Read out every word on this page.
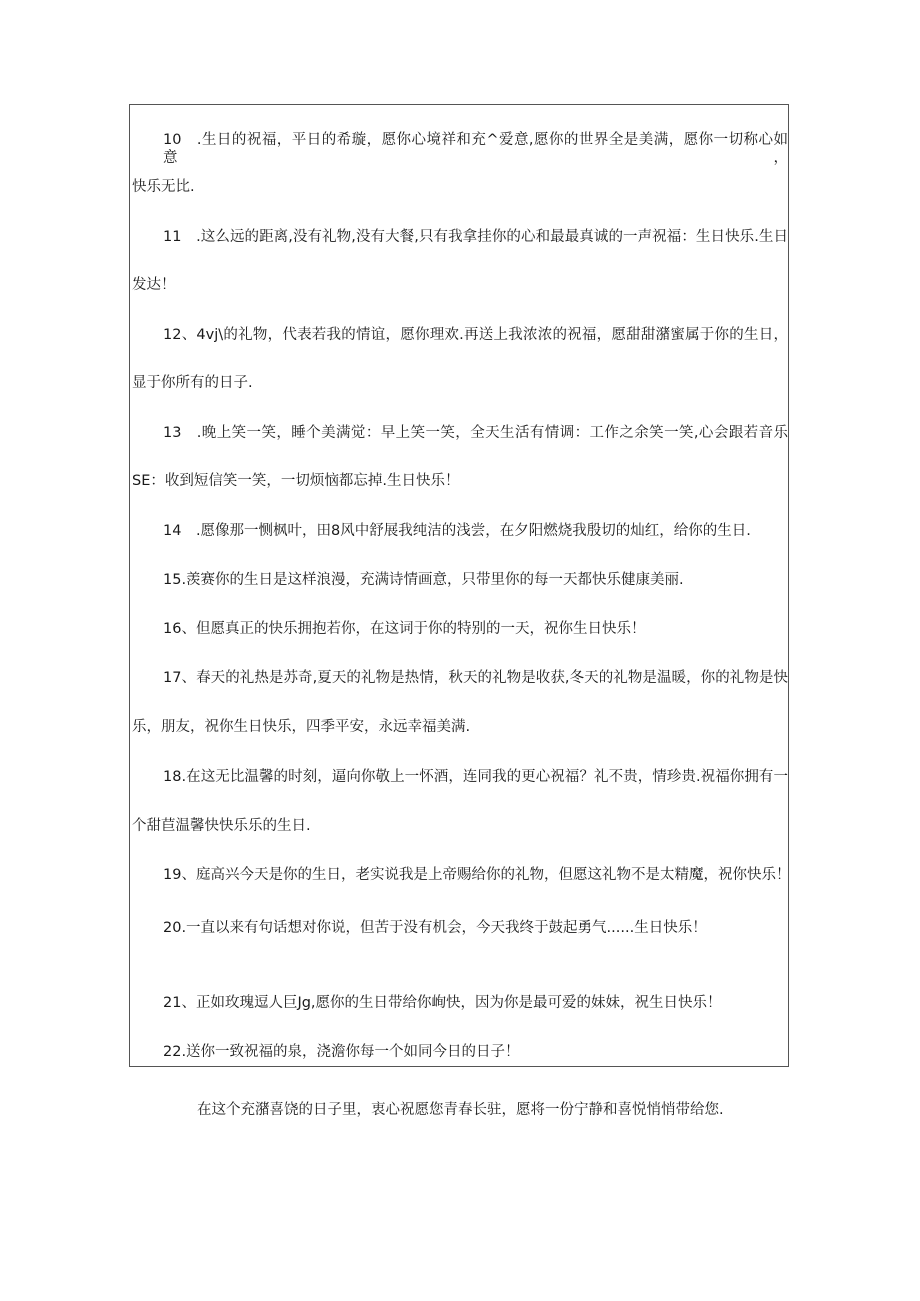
10　.生日的祝福，平日的希璇，愿你心境祥和充^爱意,愿你的世界全是美满，愿你一切称心如意，
快乐无比.
11　.这么远的距离,没有礼物,没有大餐,只有我拿挂你的心和最最真诚的一声祝福：生日快乐.生日
发达！
12、4vj\的礼物，代表若我的情谊，愿你理欢.再送上我浓浓的祝福，愿甜甜潴蜜属于你的生日，
显于你所有的日子.
13　.晚上笑一笑，睡个美满觉：早上笑一笑，全天生活有情调：工作之余笑一笑,心会跟若音乐
SE：收到短信笑一笑，一切烦恼都忘掉.生日快乐！
14　.愿像那一恻枫叶，田8风中舒展我纯洁的浅尝，在夕阳燃烧我殷切的灿红，给你的生日.
15.羡赛你的生日是这样浪漫，充满诗情画意，只带里你的每一天都快乐健康美丽.
16、但愿真正的快乐拥抱若你，在这词于你的特别的一天，祝你生日快乐！
17、春天的礼热是苏奇,夏天的礼物是热情，秋天的礼物是收获,冬天的礼物是温暖，你的礼物是快
乐，朋友，祝你生日快乐，四季平安，永远幸福美满.
18.在这无比温馨的时刻，逼向你敬上一怀酒，连同我的更心祝福？礼不贵，情珍贵.祝福你拥有一
个甜苣温馨快快乐乐的生日.
19、庭高兴今天是你的生日，老实说我是上帝赐给你的礼物，但愿这礼物不是太精魔，祝你快乐！
20.一直以来有句话想对你说，但苦于没有机会，今天我终于鼓起勇气......生日快乐！
21、正如玫瑰逗人巨Jg,愿你的生日带给你峋快，因为你是最可爱的妹妹，祝生日快乐！
22.送你一致祝福的泉，浇澹你每一个如同今日的日子！
在这个充潴喜饶的日子里，衷心祝愿您青春长驻，愿将一份宁静和喜悦悄悄带给您.
